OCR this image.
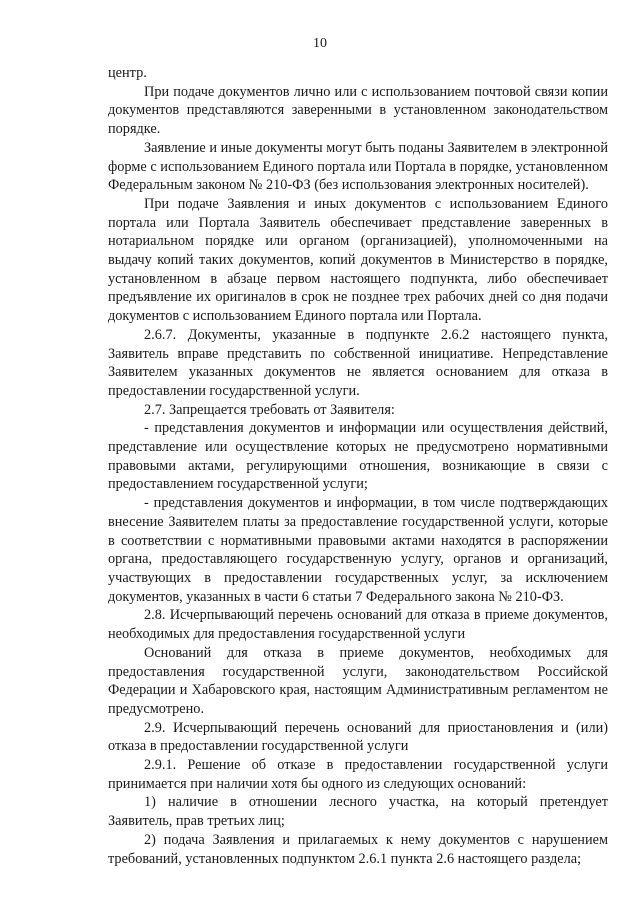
10

центр.

При подаче документов лично или с использованием почтовой связи копии документов представляются заверенными в установленном законодательством порядке.

Заявление и иные документы могут быть поданы Заявителем в электронной форме с использованием Единого портала или Портала в порядке, установленном Федеральным законом № 210-ФЗ (без использования электронных носителей).

При подаче Заявления и иных документов с использованием Единого портала или Портала Заявитель обеспечивает представление заверенных в нотариальном порядке или органом (организацией), уполномоченными на выдачу копий таких документов, копий документов в Министерство в порядке, установленном в абзаце первом настоящего подпункта, либо обеспечивает предъявление их оригиналов в срок не позднее трех рабочих дней со дня подачи документов с использованием Единого портала или Портала.

2.6.7. Документы, указанные в подпункте 2.6.2 настоящего пункта, Заявитель вправе представить по собственной инициативе. Непредставление Заявителем указанных документов не является основанием для отказа в предоставлении государственной услуги.

2.7. Запрещается требовать от Заявителя:

- представления документов и информации или осуществления действий, представление или осуществление которых не предусмотрено нормативными правовыми актами, регулирующими отношения, возникающие в связи с предоставлением государственной услуги;

- представления документов и информации, в том числе подтверждающих внесение Заявителем платы за предоставление государственной услуги, которые в соответствии с нормативными правовыми актами находятся в распоряжении органа, предоставляющего государственную услугу, органов и организаций, участвующих в предоставлении государственных услуг, за исключением документов, указанных в части 6 статьи 7 Федерального закона № 210-ФЗ.

2.8. Исчерпывающий перечень оснований для отказа в приеме документов, необходимых для предоставления государственной услуги

Оснований для отказа в приеме документов, необходимых для предоставления государственной услуги, законодательством Российской Федерации и Хабаровского края, настоящим Административным регламентом не предусмотрено.

2.9. Исчерпывающий перечень оснований для приостановления и (или) отказа в предоставлении государственной услуги

2.9.1. Решение об отказе в предоставлении государственной услуги принимается при наличии хотя бы одного из следующих оснований:

1) наличие в отношении лесного участка, на который претендует Заявитель, прав третьих лиц;

2) подача Заявления и прилагаемых к нему документов с нарушением требований, установленных подпунктом 2.6.1 пункта 2.6 настоящего раздела;
